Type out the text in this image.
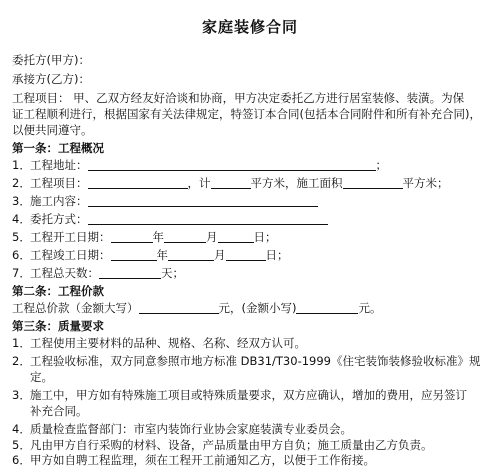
家庭装修合同
委托方(甲方)：
承接方(乙方)：
工程项目： 甲、乙双方经友好洽谈和协商，甲方决定委托乙方进行居室装修、装潢。为保
证工程顺利进行，根据国家有关法律规定，特签订本合同(包括本合同附件和所有补充合同)，
以便共同遵守。
第一条：工程概况
1．工程地址：	；
2．工程项目：	，计	平方米，施工面积	平方米；
3．施工内容：
4．委托方式：
5．工程开工日期：	年	月	日；
6．工程竣工日期：	年	月	日；
7．工程总天数：	天；
第二条：工程价款
工程总价款（金额大写）	元，(金额小写)	元。
第三条：质量要求
1．工程使用主要材料的品种、规格、名称、经双方认可。
2．工程验收标准，双方同意参照市地方标准 DB31/T30-1999《住宅装饰装修验收标准》规
定。
3．施工中，甲方如有特殊施工项目或特殊质量要求，双方应确认，增加的费用，应另签订
补充合同。
4．质量检查监督部门：市室内装饰行业协会家庭装潢专业委员会。
5．凡由甲方自行采购的材料、设备，产品质量由甲方自负；施工质量由乙方负责。
6．甲方如自聘工程监理，须在工程开工前通知乙方，以便于工作衔接。
